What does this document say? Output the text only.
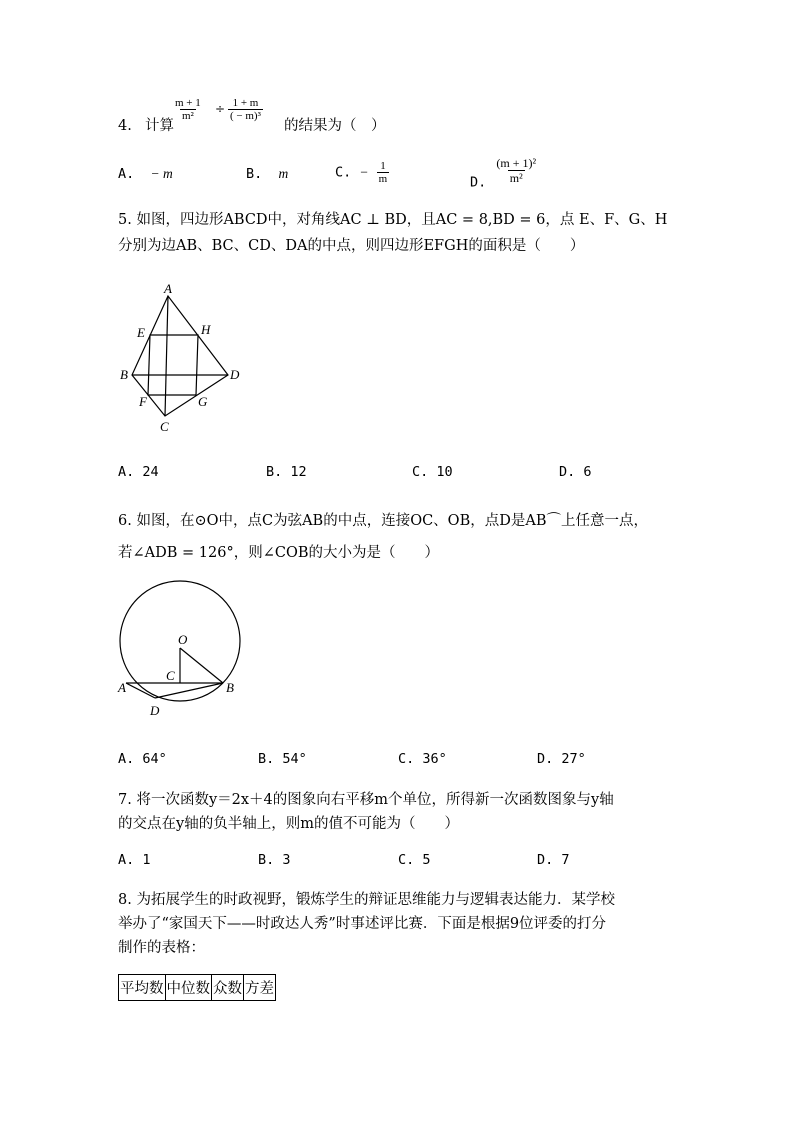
4. 计算
$\frac{m + 1}{\text{m²}} \div \frac{1 + m}{\text{( − m)³}}$
的结果为（　）
A. − m	B. m	C. − $\frac{1}{m}$	D. $\frac{\text{(m + 1)²}}{\text{m²}}$
5. 如图，四边形ABCD中，对角线AC ⊥ BD，且AC = 8,BD = 6，点 E、F、G、H
分别为边AB、BC、CD、DA的中点，则四边形EFGH的面积是（　　）
A
E	H
B	D
F	G
C
A. 24	B. 12	C. 10	D. 6
6. 如图，在⊙O中，点C为弦AB的中点，连接OC、OB，点D是AB⌒上任意一点，
若∠ADB = 126°，则∠COB的大小为是（　　）
O
C
A	B
D
A. 64°	B. 54°	C. 36°	D. 27°
7. 将一次函数y＝2x＋4的图象向右平移m个单位，所得新一次函数图象与y轴
的交点在y轴的负半轴上，则m的值不可能为（　　）
A. 1	B. 3	C. 5	D. 7
8. 为拓展学生的时政视野，锻炼学生的辩证思维能力与逻辑表达能力．某学校
举办了“家国天下——时政达人秀”时事述评比赛．下面是根据9位评委的打分
制作的表格：
平均数	中位数	众数	方差
